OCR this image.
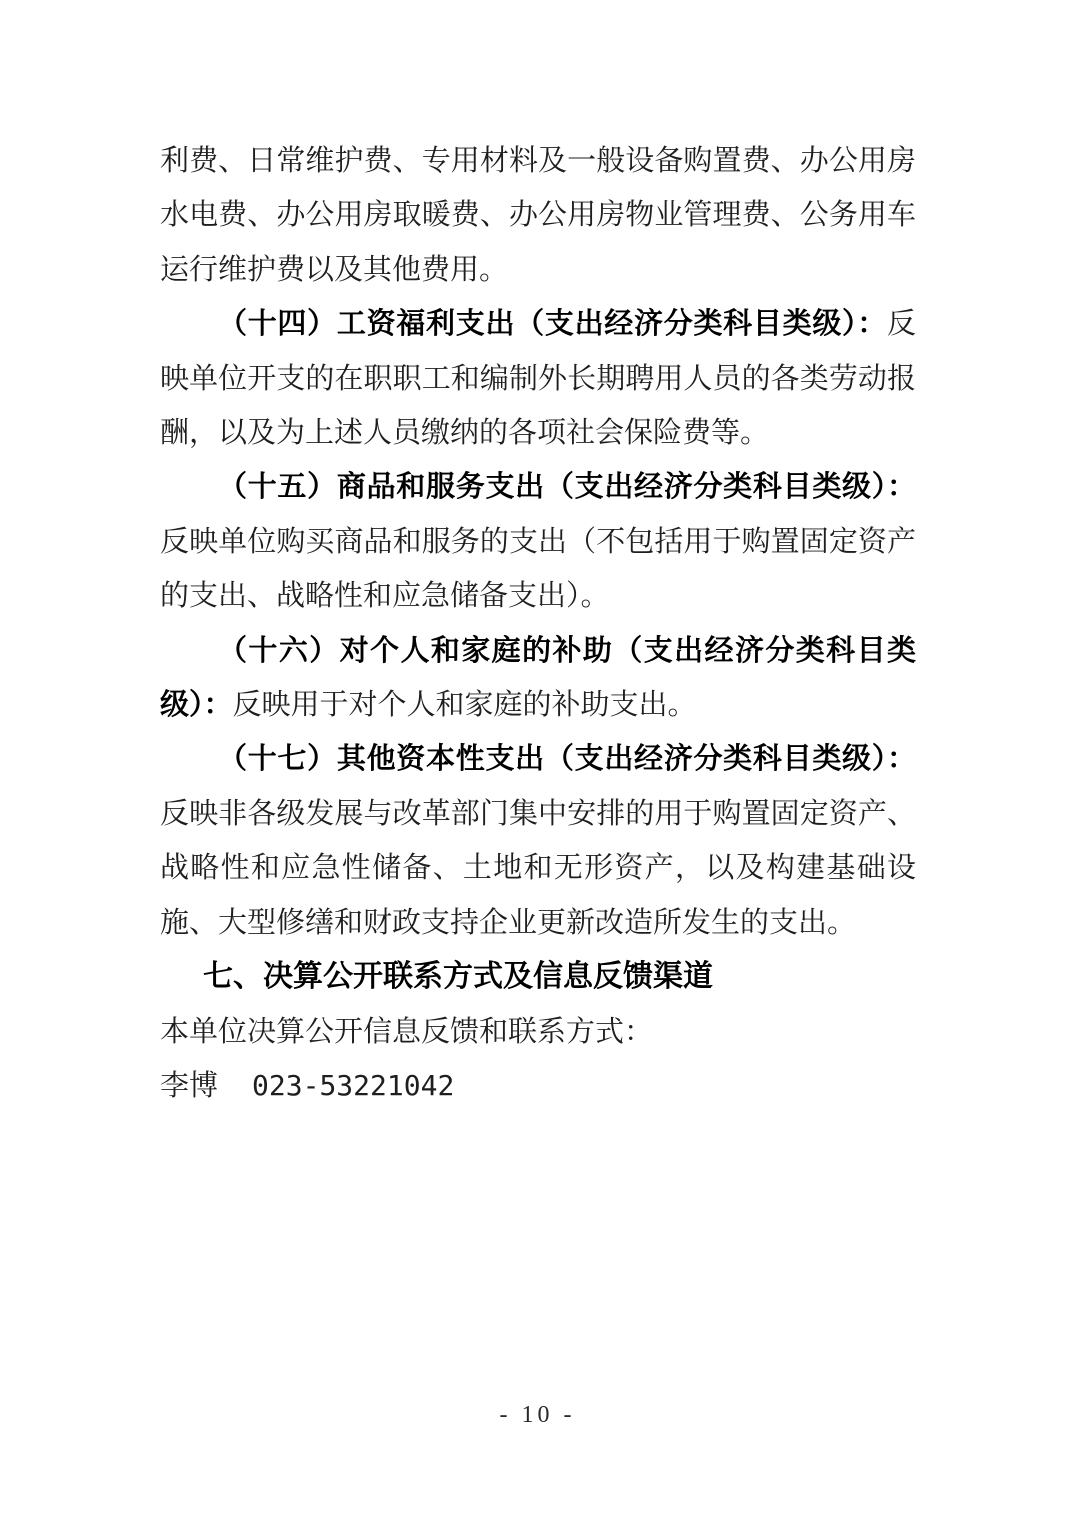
利费、日常维护费、专用材料及一般设备购置费、办公用房水电费、办公用房取暖费、办公用房物业管理费、公务用车运行维护费以及其他费用。

（十四）工资福利支出（支出经济分类科目类级）：反映单位开支的在职职工和编制外长期聘用人员的各类劳动报酬，以及为上述人员缴纳的各项社会保险费等。

（十五）商品和服务支出（支出经济分类科目类级）：反映单位购买商品和服务的支出（不包括用于购置固定资产的支出、战略性和应急储备支出）。

（十六）对个人和家庭的补助（支出经济分类科目类级）：反映用于对个人和家庭的补助支出。

（十七）其他资本性支出（支出经济分类科目类级）：反映非各级发展与改革部门集中安排的用于购置固定资产、战略性和应急性储备、土地和无形资产，以及构建基础设施、大型修缮和财政支持企业更新改造所发生的支出。

七、决算公开联系方式及信息反馈渠道

本单位决算公开信息反馈和联系方式：

李博 023-53221042

- 10 -
